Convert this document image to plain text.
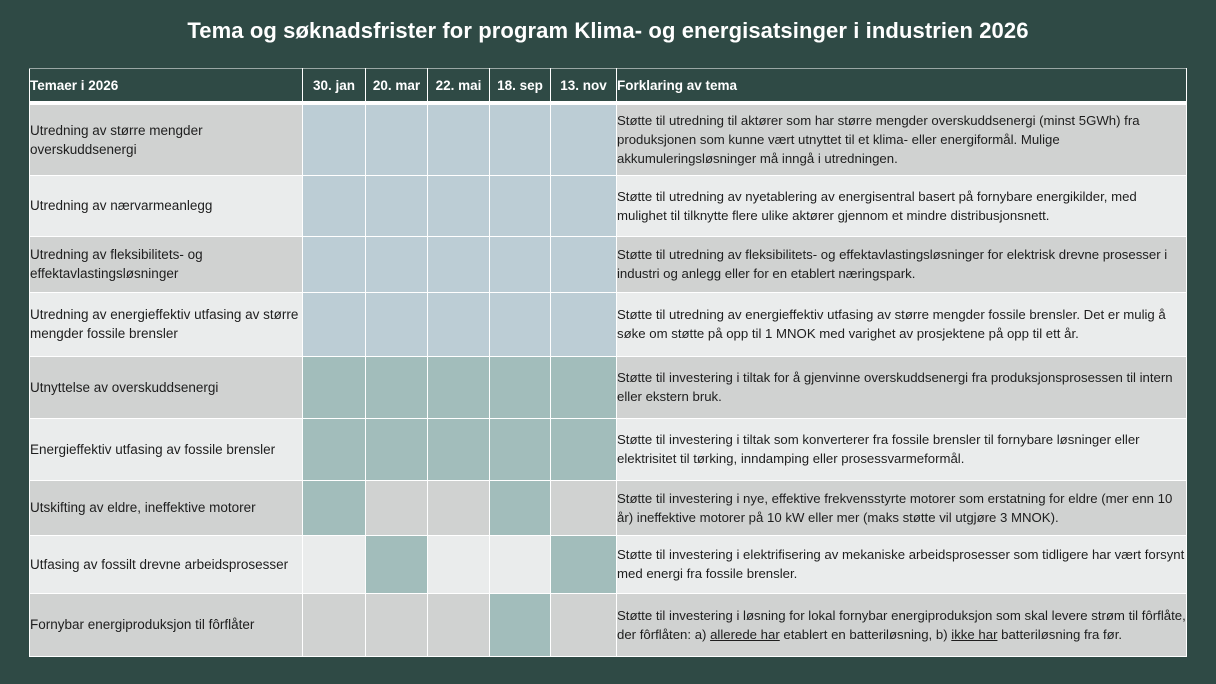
Tema og søknadsfrister for program Klima- og energisatsinger i industrien 2026
Temaer i 2026	30. jan	20. mar	22. mai	18. sep	13. nov	Forklaring av tema
Utredning av større mengder overskuddsenergi						Støtte til utredning til aktører som har større mengder overskuddsenergi (minst 5GWh) fra produksjonen som kunne vært utnyttet til et klima- eller energiformål. Mulige akkumuleringsløsninger må inngå i utredningen.
Utredning av nærvarmeanlegg						Støtte til utredning av nyetablering av energisentral basert på fornybare energikilder, med mulighet til tilknytte flere ulike aktører gjennom et mindre distribusjonsnett.
Utredning av fleksibilitets- og effektavlastingsløsninger						Støtte til utredning av fleksibilitets- og effektavlastingsløsninger for elektrisk drevne prosesser i industri og anlegg eller for en etablert næringspark.
Utredning av energieffektiv utfasing av større mengder fossile brensler						Støtte til utredning av energieffektiv utfasing av større mengder fossile brensler. Det er mulig å søke om støtte på opp til 1 MNOK med varighet av prosjektene på opp til ett år.
Utnyttelse av overskuddsenergi						Støtte til investering i tiltak for å gjenvinne overskuddsenergi fra produksjonsprosessen til intern eller ekstern bruk.
Energieffektiv utfasing av fossile brensler						Støtte til investering i tiltak som konverterer fra fossile brensler til fornybare løsninger eller elektrisitet til tørking, inndamping eller prosessvarmeformål.
Utskifting av eldre, ineffektive motorer						Støtte til investering i nye, effektive frekvensstyrte motorer som erstatning for eldre (mer enn 10 år) ineffektive motorer på 10 kW eller mer (maks støtte vil utgjøre 3 MNOK).
Utfasing av fossilt drevne arbeidsprosesser						Støtte til investering i elektrifisering av mekaniske arbeidsprosesser som tidligere har vært forsynt med energi fra fossile brensler.
Fornybar energiproduksjon til fôrflåter						Støtte til investering i løsning for lokal fornybar energiproduksjon som skal levere strøm til fôrflåte, der fôrflåten: a) allerede har etablert en batteriløsning, b) ikke har batteriløsning fra før.
